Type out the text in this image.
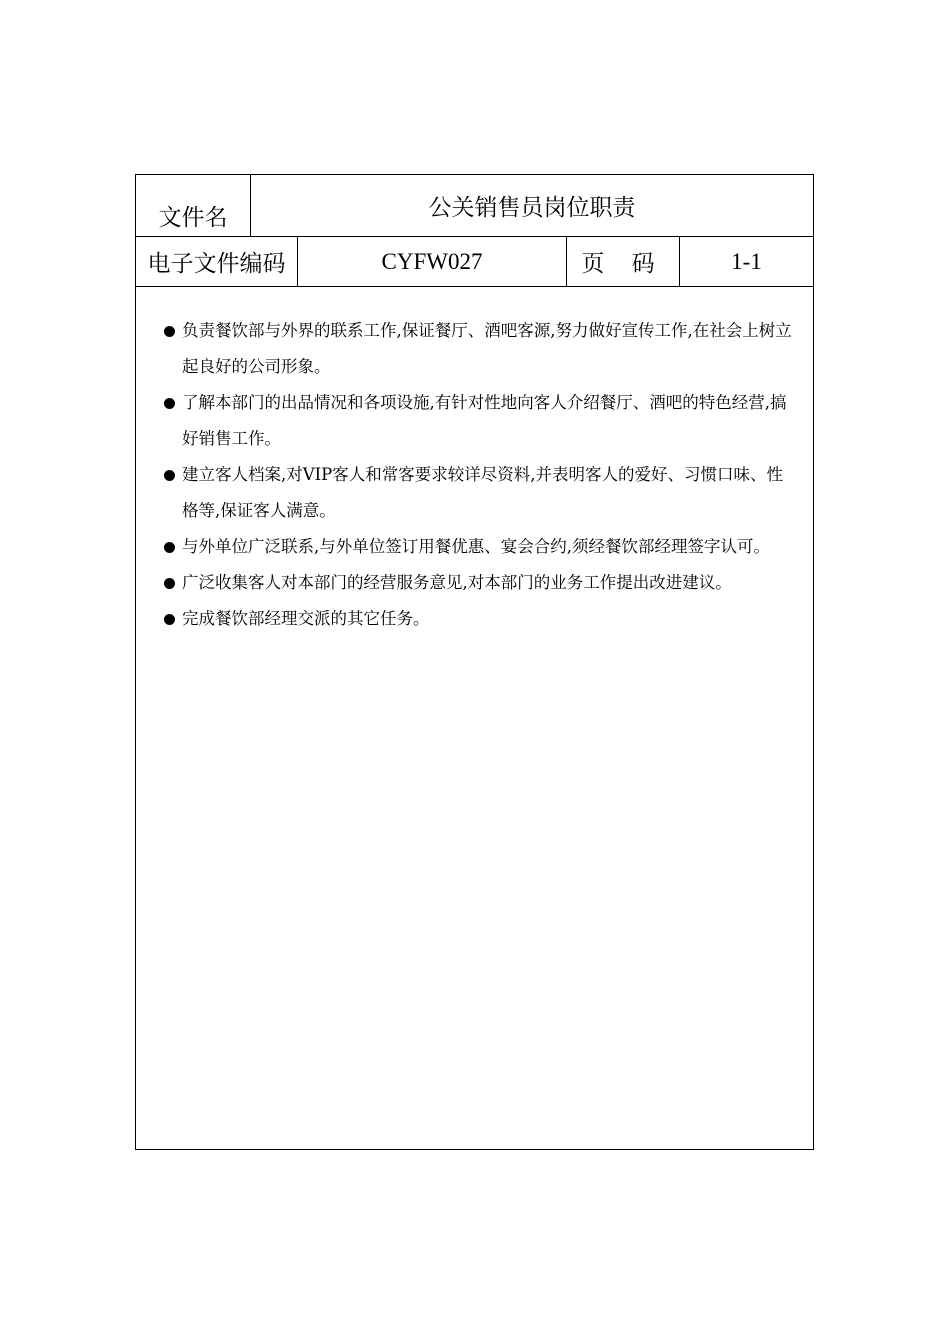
文件名	公关销售员岗位职责
电子文件编码	CYFW027	页 码	1-1
负责餐饮部与外界的联系工作,保证餐厅、酒吧客源,努力做好宣传工作,在社会上树立起良好的公司形象。
了解本部门的出品情况和各项设施,有针对性地向客人介绍餐厅、酒吧的特色经营,搞好销售工作。
建立客人档案,对VIP客人和常客要求较详尽资料,并表明客人的爱好、习惯口味、性格等,保证客人满意。
与外单位广泛联系,与外单位签订用餐优惠、宴会合约,须经餐饮部经理签字认可。
广泛收集客人对本部门的经营服务意见,对本部门的业务工作提出改进建议。
完成餐饮部经理交派的其它任务。
